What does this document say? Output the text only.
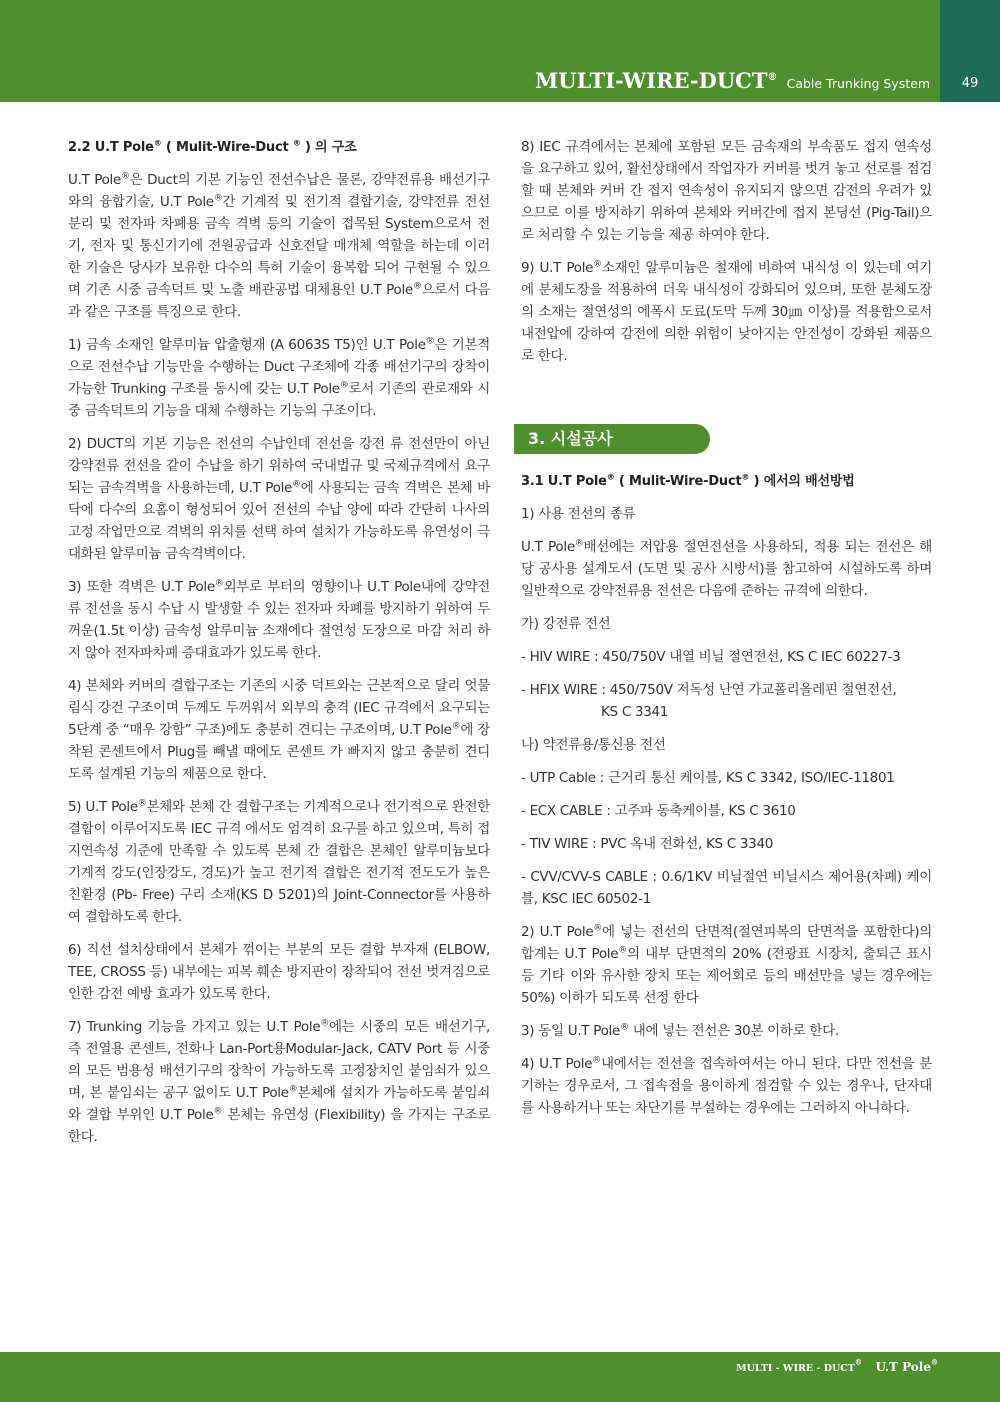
MULTI-WIRE-DUCT® Cable Trunking System	49
2.2 U.T Pole® ( Mulit-Wire-Duct ® ) 의 구조

U.T Pole®은 Duct의 기본 기능인 전선수납은 물론, 강약전류용 배선기구와의 융합기술, U.T Pole®간 기계적 및 전기적 결합기술, 강약전류 전선 분리 및 전자파 차폐용 금속 격벽 등의 기술이 접목된 System으로서 전기, 전자 및 통신기기에 전원공급과 신호전달 매개체 역할을 하는데 이러한 기술은 당사가 보유한 다수의 특허 기술이 융복합 되어 구현될 수 있으며 기존 시중 금속덕트 및 노출 배관공법 대체용인 U.T Pole®으로서 다음과 같은 구조를 특징으로 한다.

1) 금속 소재인 알루미늄 압출형재 (A 6063S T5)인 U.T Pole®은 기본적으로 전선수납 기능만을 수행하는 Duct 구조체에 각종 배선기구의 장착이 가능한 Trunking 구조를 동시에 갖는 U.T Pole®로서 기존의 관로재와 시중 금속덕트의 기능을 대체 수행하는 기능의 구조이다.

2) DUCT의 기본 기능은 전선의 수납인데 전선을 강전 류 전선만이 아닌 강약전류 전선을 같이 수납을 하기 위하여 국내법규 및 국제규격에서 요구되는 금속격벽을 사용하는데, U.T Pole®에 사용되는 금속 격벽은 본체 바닥에 다수의 요홈이 형성되어 있어 전선의 수납 양에 따라 간단히 나사의 고정 작업만으로 격벽의 위치를 선택 하여 설치가 가능하도록 유연성이 극대화된 알루미늄 금속격벽이다.

3) 또한 격벽은 U.T Pole®외부로 부터의 영향이나 U.T Pole내에 강약전류 전선을 동시 수납 시 발생할 수 있는 전자파 차폐를 방지하기 위하여 두꺼운(1.5t 이상) 금속성 알루미늄 소재에다 절연성 도장으로 마감 처리 하지 않아 전자파차폐 증대효과가 있도록 한다.

4) 본체와 커버의 결합구조는 기존의 시중 덕트와는 근본적으로 달리 엇물림식 강건 구조이며 두께도 두꺼워서 외부의 충격 (IEC 규격에서 요구되는 5단계 중 “매우 강함” 구조)에도 충분히 견디는 구조이며, U.T Pole®에 장착된 콘센트에서 Plug를 빼낼 때에도 콘센트 가 빠지지 않고 충분히 견디도록 설계된 기능의 제품으로 한다.

5) U.T Pole®본체와 본체 간 결합구조는 기계적으로나 전기적으로 완전한 결합이 이루어지도록 IEC 규격 에서도 엄격히 요구를 하고 있으며, 특히 접지연속성 기준에 만족할 수 있도록 본체 간 결합은 본체인 알루미늄보다 기계적 강도(인장강도, 경도)가 높고 전기적 결합은 전기적 전도도가 높은 친환경 (Pb- Free) 구리 소재(KS D 5201)의 Joint-Connector를 사용하여 결합하도록 한다.

6) 직선 설치상태에서 본체가 꺾이는 부분의 모든 결합 부자재 (ELBOW, TEE, CROSS 등) 내부에는 피복 훼손 방지판이 장착되어 전선 벗겨짐으로 인한 감전 예방 효과가 있도록 한다.

7) Trunking 기능을 가지고 있는 U.T Pole®에는 시중의 모든 배선기구, 즉 전열용 콘센트, 전화나 Lan-Port용Modular-Jack, CATV Port 등 시중의 모든 범용성 배선기구의 장착이 가능하도록 고정장치인 붙임쇠가 있으며, 본 붙임쇠는 공구 없이도 U.T Pole®본체에 설치가 가능하도록 붙임쇠와 결합 부위인 U.T Pole® 본체는 유연성 (Flexibility) 을 가지는 구조로 한다.

8) IEC 규격에서는 본체에 포함된 모든 금속재의 부속품도 접지 연속성을 요구하고 있어, 활선상태에서 작업자가 커버를 벗겨 놓고 선로를 점검할 때 본체와 커버 간 접지 연속성이 유지되지 않으면 감전의 우려가 있으므로 이를 방지하기 위하여 본체와 커버간에 접지 본딩선 (Pig-Tail)으로 처리할 수 있는 기능을 제공 하여야 한다.

9) U.T Pole®소재인 알루미늄은 철재에 비하여 내식성 이 있는데 여기에 분체도장을 적용하여 더욱 내식성이 강화되어 있으며, 또한 분체도장의 소재는 절연성의 에폭시 도료(도막 두께 30㎛ 이상)를 적용함으로서 내전압에 강하여 감전에 의한 위험이 낮아지는 안전성이 강화된 제품으로 한다.

3. 시설공사
3.1 U.T Pole® ( Mulit-Wire-Duct® ) 에서의 배선방법

1) 사용 전선의 종류

U.T Pole®배선에는 저압용 절연전선을 사용하되, 적용 되는 전선은 해당 공사용 설계도서 (도면 및 공사 시방서)를 참고하여 시설하도록 하며 일반적으로 강약전류용 전선은 다음에 준하는 규격에 의한다.

가) 강전류 전선

- HIV WIRE : 450/750V 내열 비닐 절연전선, KS C IEC 60227-3

- HFIX WIRE : 450/750V 저독성 난연 가교폴리올레핀 절연전선,

KS C 3341

나) 약전류용/통신용 전선

- UTP Cable : 근거리 통신 케이블, KS C 3342, ISO/IEC-11801

- ECX CABLE : 고주파 동축케이블, KS C 3610

- TIV WIRE : PVC 옥내 전화선, KS C 3340

- CVV/CVV-S CABLE : 0.6/1KV 비닐절연 비닐시스 제어용(차폐) 케이블, KSC IEC 60502-1

2) U.T Pole®에 넣는 전선의 단면적(절연피복의 단면적을 포함한다)의 합계는 U.T Pole®의 내부 단면적의 20% (전광표 시장치, 출퇴근 표시 등 기타 이와 유사한 장치 또는 제어회로 등의 배선만을 넣는 경우에는 50%) 이하가 되도록 선정 한다

3) 동일 U.T Pole® 내에 넣는 전선은 30본 이하로 한다.

4) U.T Pole®내에서는 전선을 접속하여서는 아니 된다. 다만 전선을 분기하는 경우로서, 그 접속점을 용이하게 점검할 수 있는 경우나, 단자대를 사용하거나 또는 차단기를 부설하는 경우에는 그러하지 아니하다.

MULTI - WIRE - DUCT® U.T Pole®
